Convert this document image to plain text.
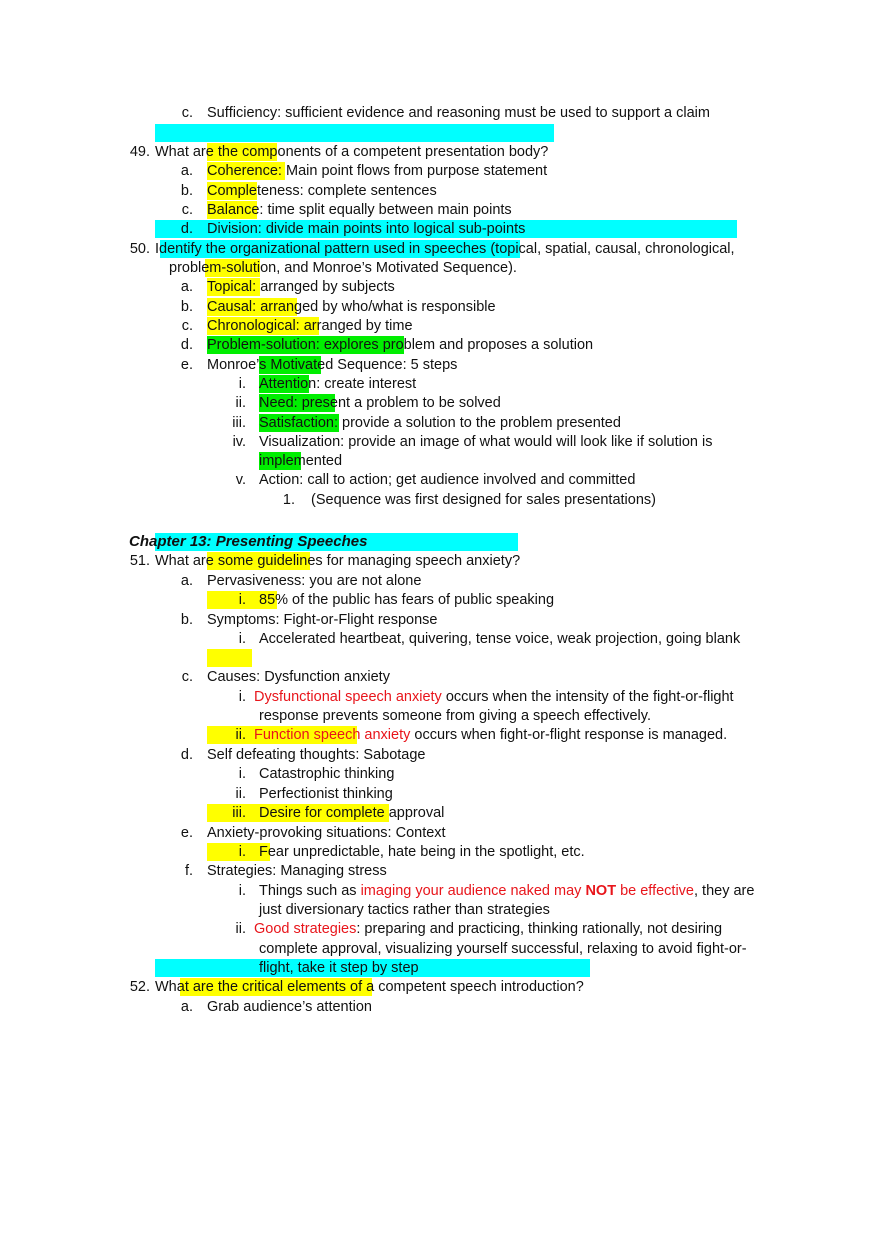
c. Sufﬁciency: sufﬁcient evidence and reasoning must be used to support a claim
49. What are the components of a competent presentation body?
a. Coherence: Main point flows from purpose statement
b. Completeness: complete sentences
c. Balance: time split equally between main points
d. Division: divide main points into logical sub-points
50. Identify the organizational pattern used in speeches (topical, spatial, causal, chronological,
problem-solution, and Monroe’s Motivated Sequence).
a. Topical: arranged by subjects
b. Causal: arranged by who/what is responsible
c. Chronological: arranged by time
d. Problem-solution: explores problem and proposes a solution
e. Monroe’s Motivated Sequence: 5 steps
i. Attention: create interest
ii. Need: present a problem to be solved
iii. Satisfaction: provide a solution to the problem presented
iv. Visualization: provide an image of what would will look like if solution is
implemented
v. Action: call to action; get audience involved and committed
1. (Sequence was first designed for sales presentations)
Chapter 13: Presenting Speeches
51. What are some guidelines for managing speech anxiety?
a. Pervasiveness: you are not alone
i. 85% of the public has fears of public speaking
b. Symptoms: Fight-or-Flight response
i. Accelerated heartbeat, quivering, tense voice, weak projection, going blank
c. Causes: Dysfunction anxiety
i. Dysfunctional speech anxiety occurs when the intensity of the fight-or-flight
response prevents someone from giving a speech effectively.
ii. Function speech anxiety occurs when fight-or-flight response is managed.
d. Self defeating thoughts: Sabotage
i. Catastrophic thinking
ii. Perfectionist thinking
iii. Desire for complete approval
e. Anxiety-provoking situations: Context
i. Fear unpredictable, hate being in the spotlight, etc.
f. Strategies: Managing stress
i. Things such as imaging your audience naked may NOT be effective, they are
just diversionary tactics rather than strategies
ii. Good strategies: preparing and practicing, thinking rationally, not desiring
complete approval, visualizing yourself successful, relaxing to avoid fight-or-
flight, take it step by step
52. What are the critical elements of a competent speech introduction?
a. Grab audience’s attention
